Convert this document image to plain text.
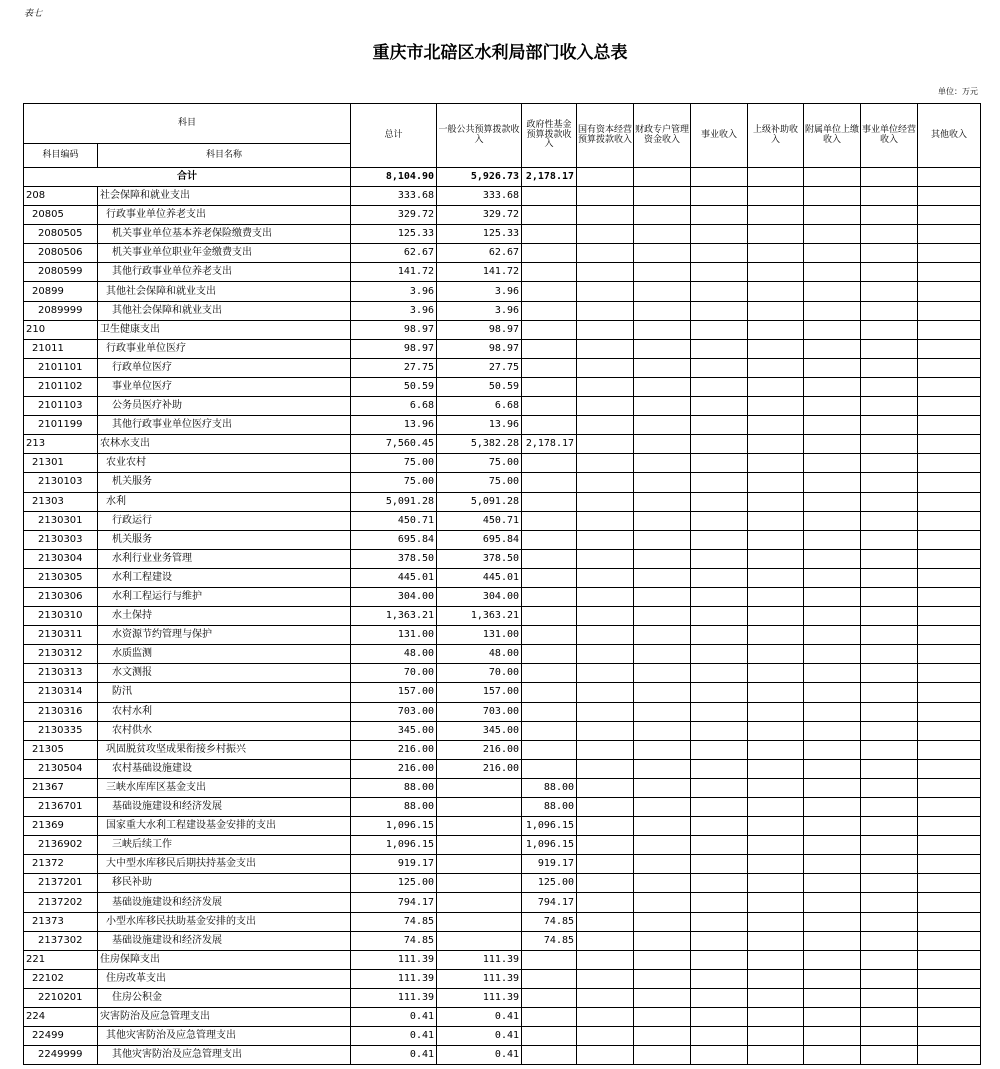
表七
重庆市北碚区水利局部门收入总表
单位：万元
科目		总计	一般公共预算拨款收入	政府性基金预算拨款收入	国有资本经营预算拨款收入	财政专户管理资金收入	事业收入	上级补助收入	附属单位上缴收入	事业单位经营收入	其他收入
科目编码	科目名称										
合计		8,104.90	5,926.73	2,178.17							
208	社会保障和就业支出	333.68	333.68								
20805	行政事业单位养老支出	329.72	329.72								
2080505	机关事业单位基本养老保险缴费支出	125.33	125.33								
2080506	机关事业单位职业年金缴费支出	62.67	62.67								
2080599	其他行政事业单位养老支出	141.72	141.72								
20899	其他社会保障和就业支出	3.96	3.96								
2089999	其他社会保障和就业支出	3.96	3.96								
210	卫生健康支出	98.97	98.97								
21011	行政事业单位医疗	98.97	98.97								
2101101	行政单位医疗	27.75	27.75								
2101102	事业单位医疗	50.59	50.59								
2101103	公务员医疗补助	6.68	6.68								
2101199	其他行政事业单位医疗支出	13.96	13.96								
213	农林水支出	7,560.45	5,382.28	2,178.17							
21301	农业农村	75.00	75.00								
2130103	机关服务	75.00	75.00								
21303	水利	5,091.28	5,091.28								
2130301	行政运行	450.71	450.71								
2130303	机关服务	695.84	695.84								
2130304	水利行业业务管理	378.50	378.50								
2130305	水利工程建设	445.01	445.01								
2130306	水利工程运行与维护	304.00	304.00								
2130310	水土保持	1,363.21	1,363.21								
2130311	水资源节约管理与保护	131.00	131.00								
2130312	水质监测	48.00	48.00								
2130313	水文测报	70.00	70.00								
2130314	防汛	157.00	157.00								
2130316	农村水利	703.00	703.00								
2130335	农村供水	345.00	345.00								
21305	巩固脱贫攻坚成果衔接乡村振兴	216.00	216.00								
2130504	农村基础设施建设	216.00	216.00								
21367	三峡水库库区基金支出	88.00		88.00							
2136701	基础设施建设和经济发展	88.00		88.00							
21369	国家重大水利工程建设基金安排的支出	1,096.15		1,096.15							
2136902	三峡后续工作	1,096.15		1,096.15							
21372	大中型水库移民后期扶持基金支出	919.17		919.17							
2137201	移民补助	125.00		125.00							
2137202	基础设施建设和经济发展	794.17		794.17							
21373	小型水库移民扶助基金安排的支出	74.85		74.85							
2137302	基础设施建设和经济发展	74.85		74.85							
221	住房保障支出	111.39	111.39								
22102	住房改革支出	111.39	111.39								
2210201	住房公积金	111.39	111.39								
224	灾害防治及应急管理支出	0.41	0.41								
22499	其他灾害防治及应急管理支出	0.41	0.41								
2249999	其他灾害防治及应急管理支出	0.41	0.41								
